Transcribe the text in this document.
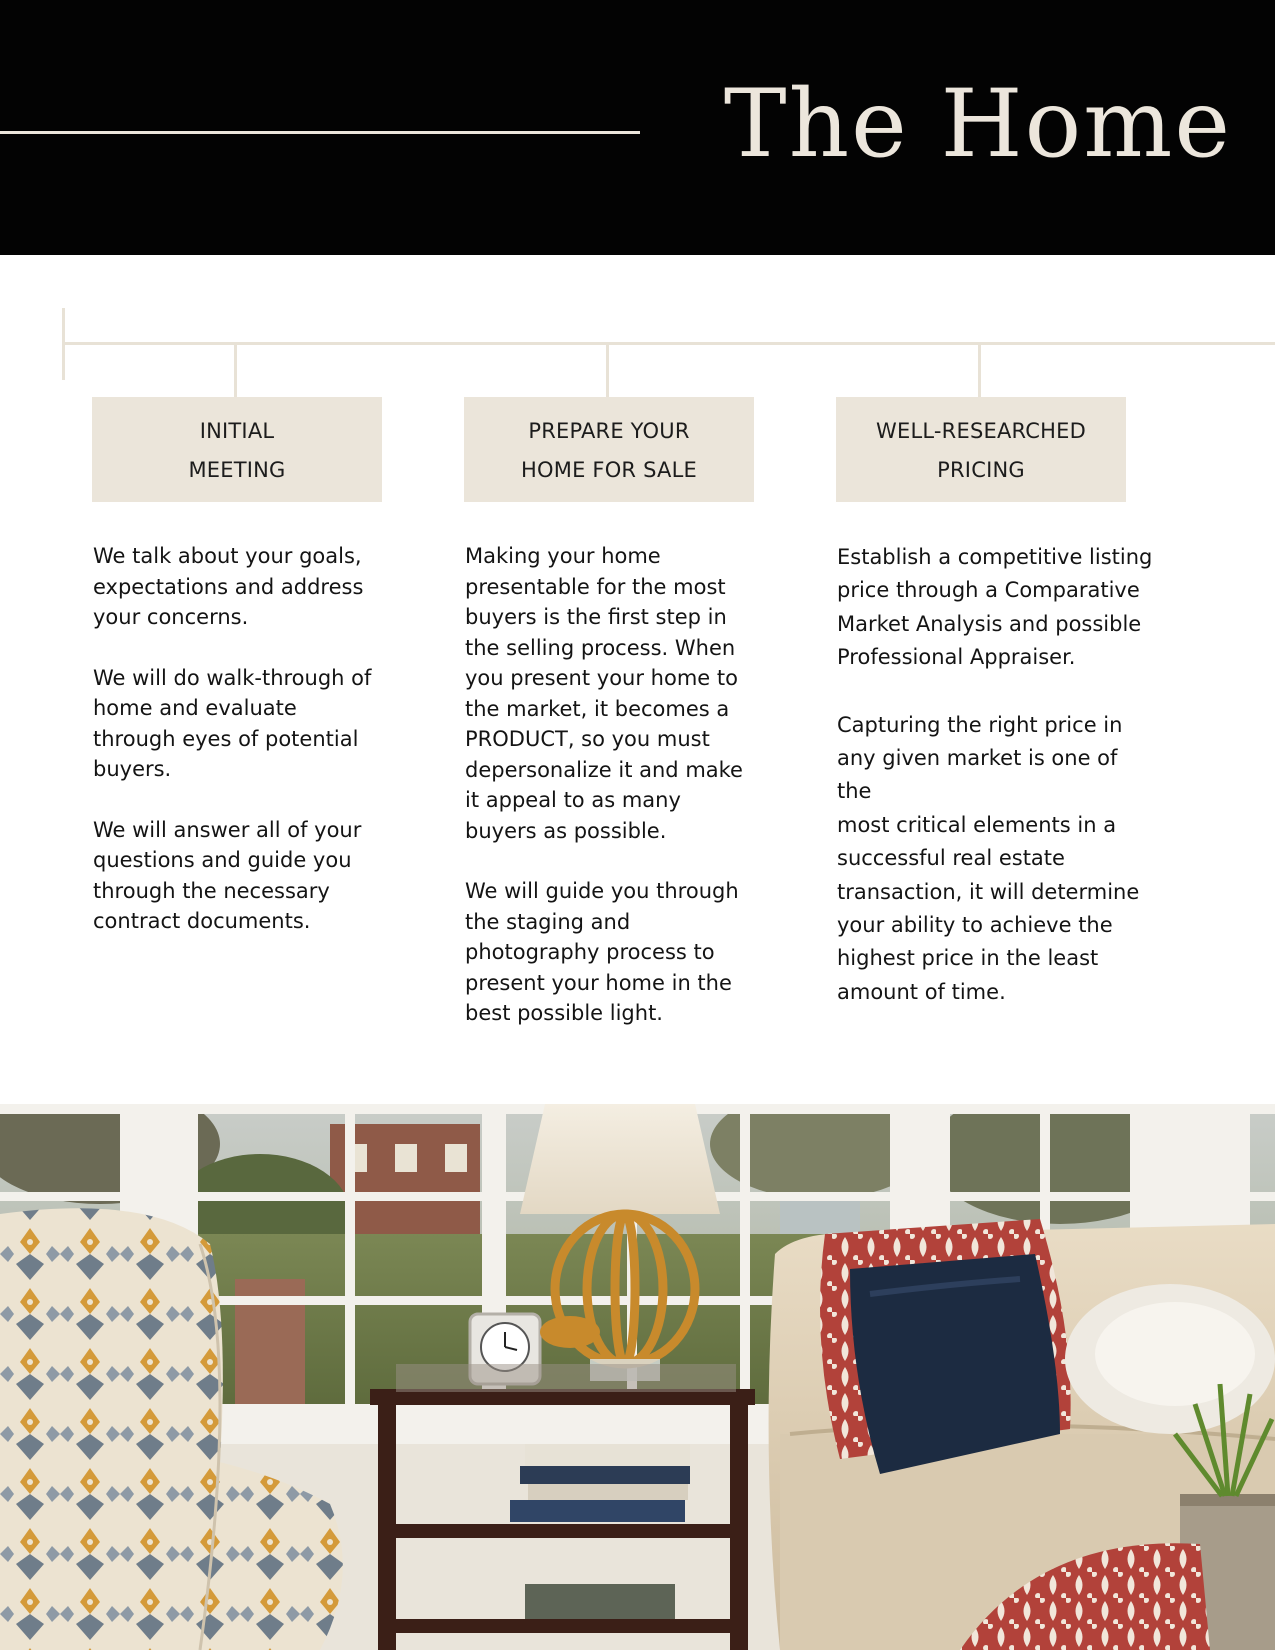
The Home
INITIAL
MEETING

We talk about your goals,
expectations and address
your concerns.

We will do walk-through of
home and evaluate
through eyes of potential
buyers.

We will answer all of your
questions and guide you
through the necessary
contract documents.

PREPARE YOUR
HOME FOR SALE

Making your home
presentable for the most
buyers is the first step in
the selling process. When
you present your home to
the market, it becomes a
PRODUCT, so you must
depersonalize it and make
it appeal to as many
buyers as possible.

We will guide you through
the staging and
photography process to
present your home in the
best possible light.

WELL-RESEARCHED
PRICING

Establish a competitive listing
price through a Comparative
Market Analysis and possible
Professional Appraiser.

Capturing the right price in
any given market is one of the
most critical elements in a
successful real estate
transaction, it will determine
your ability to achieve the
highest price in the least
amount of time.
